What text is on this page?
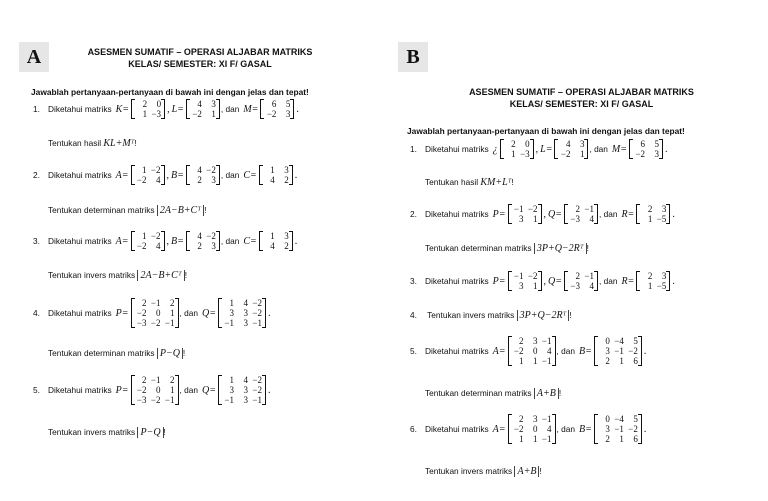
A	ASESMEN SUMATIF – OPERASI ALJABAR MATRIKS
KELAS/ SEMESTER: XI F/ GASAL
Jawablah pertanyaan-pertanyaan di bawah ini dengan jelas dan tepat!
1. Diketahui matriks K=	2	0
1 −3 , L=	4	3
−2	1 , dan M=	6	5
−2	3 .
Tentukan hasil KL+Mᵀ!
2. Diketahui matriks A=	1 −2
−2	4 , B=	4 −2
2	3 , dan C=	1	3
4	2 .
Tentukan determinan matriks 2A−B+Cᵀ !
3. Diketahui matriks A=	1 −2
−2	4 , B=	4 −2
2	3 , dan C=	1	3
4	2 .
Tentukan invers matriks 2A−B+Cᵀ !
4. Diketahui matriks P=
2 −1	2
−2	0	1
−3 −2 −1
, dan Q=
1	4 −2
3	3 −2
−1	3 −1
.
Tentukan determinan matriks P−Q !
5. Diketahui matriks P=
2 −1	2
−2	0	1
−3 −2 −1
, dan Q=
1	4 −2
3	3 −2
−1	3 −1
.
Tentukan invers matriks P−Q !
B
ASESMEN SUMATIF – OPERASI ALJABAR MATRIKS
KELAS/ SEMESTER: XI F/ GASAL
Jawablah pertanyaan-pertanyaan di bawah ini dengan jelas dan tepat!
1. Diketahui matriks ¿	2	0
1 −3 , L=	4	3
−2	1 , dan M=	6	5
−2	3 .
Tentukan hasil KM+Lᵀ!
2. Diketahui matriks P= −1 −2
3	1 , Q=	2 −1
−3	4 , dan R=	2	3
1 −5 .
Tentukan determinan matriks 3P+Q−2Rᵀ !
3. Diketahui matriks P= −1 −2
3	1 , Q=	2 −1
−3	4 , dan R=	2	3
1 −5 .
4. Tentukan invers matriks 3P+Q−2Rᵀ !
5. Diketahui matriks A=
2	3 −1
−2	0	4
1	1 −1
, dan B=
0 −4	5
3 −1 −2
2	1	6
.
Tentukan determinan matriks A+B !
6. Diketahui matriks A=
2	3 −1
−2	0	4
1	1 −1
, dan B=
0 −4	5
3 −1 −2
2	1	6
.
Tentukan invers matriks A+B !
